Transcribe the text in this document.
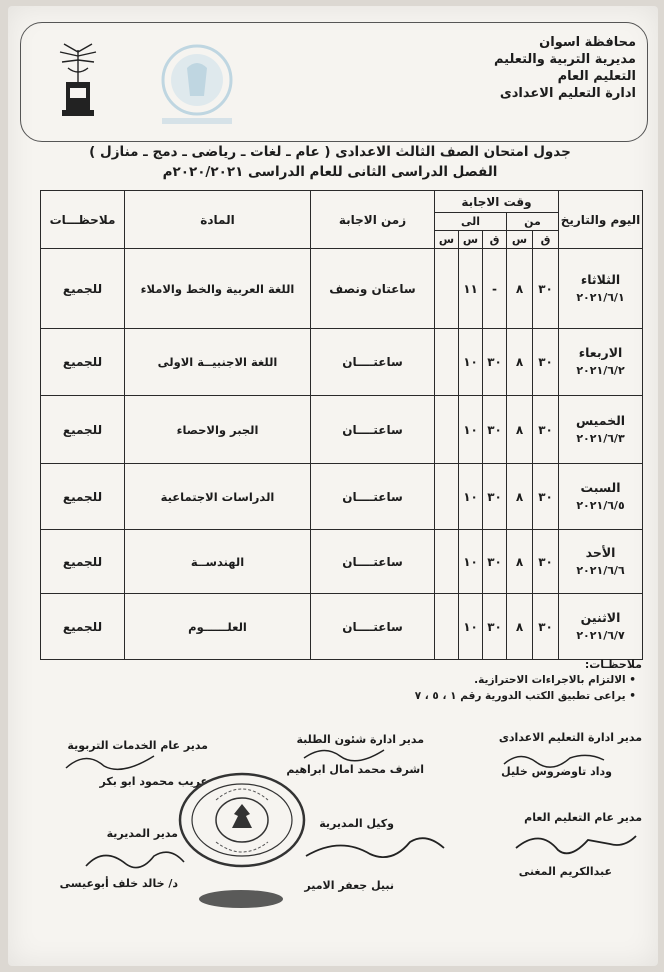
محافظة اسوان
مديرية التربية والتعليم
التعليم العام
ادارة التعليم الاعدادى
جدول امتحان الصف الثالث الاعدادى ( عام ـ لغات ـ رياضى ـ دمج ـ منازل )
الفصل الدراسى الثانى للعام الدراسى ٢٠٢٠/٢٠٢١م
اليوم والتاريخ	وقت الاجابة					زمن الاجابة	المادة	ملاحظـــات
	من		الى					
	ق	س	ق	س	س			

الثلاثاء
٢٠٢١/٦/١	٣٠	٨	-	١١		ساعتان ونصف	اللغة العربية والخط والاملاء	للجميع

الاربعاء
٢٠٢١/٦/٢	٣٠	٨	٣٠	١٠		ساعتــــان	اللغة الاجنبيــة الاولى	للجميع

الخميس
٢٠٢١/٦/٣	٣٠	٨	٣٠	١٠		ساعتــــان	الجبر والاحصاء	للجميع

السبت
٢٠٢١/٦/٥	٣٠	٨	٣٠	١٠		ساعتــــان	الدراسات الاجتماعية	للجميع

الأحد
٢٠٢١/٦/٦	٣٠	٨	٣٠	١٠		ساعتــــان	الهندســة	للجميع

الاثنين
٢٠٢١/٦/٧	٣٠	٨	٣٠	١٠		ساعتــــان	العلــــــوم	للجميع
ملاحظـات:
• الالتزام بالاجراءات الاحترازية.
• يراعى تطبيق الكتب الدورية رقم ١ ، ٥ ، ٧
مدير ادارة التعليم الاعدادى
وداد تاوضروس خليل
مدير عام التعليم العام
عبدالكريم المغنى
مدير ادارة شئون الطلبة
اشرف محمد امال ابراهيم
وكيل المديرية
نبيل جعفر الامير
مدير عام الخدمات التربوية
عريب محمود ابو بكر
مدير المديرية
د/ خالد خلف أبوعيسى
